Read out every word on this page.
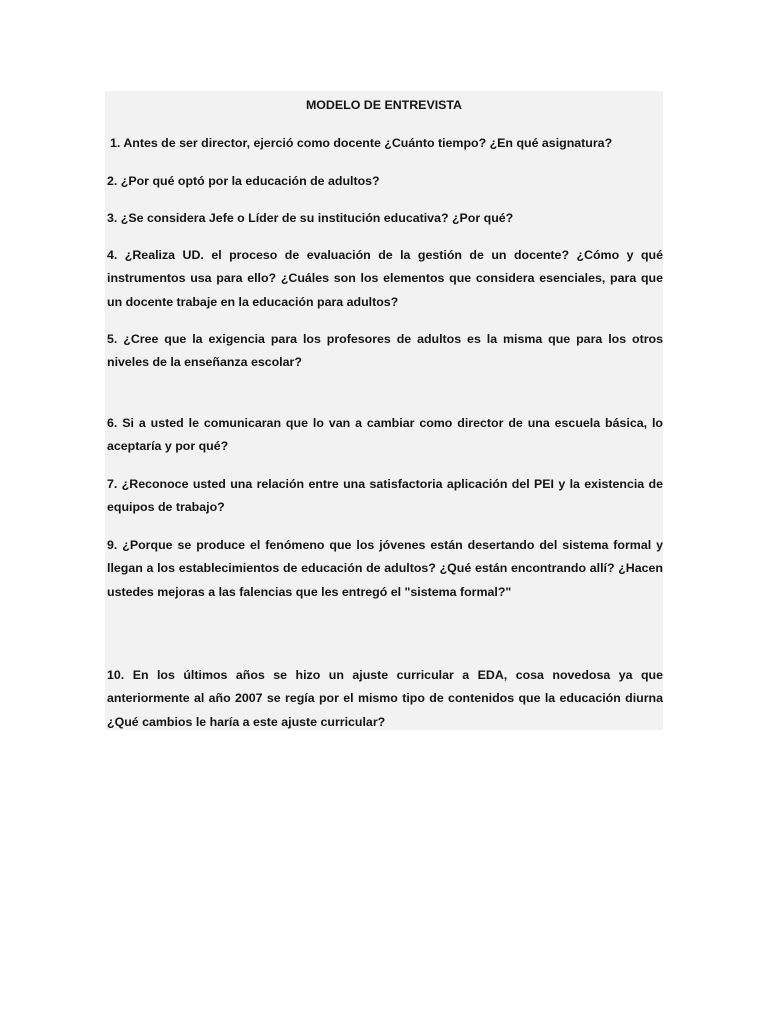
MODELO DE ENTREVISTA
1. Antes de ser director, ejerció como docente ¿Cuánto tiempo? ¿En qué asignatura?
2. ¿Por qué optó por la educación de adultos?
3. ¿Se considera Jefe o Líder de su institución educativa? ¿Por qué?
4. ¿Realiza UD. el proceso de evaluación de la gestión de un docente? ¿Cómo y qué instrumentos usa para ello? ¿Cuáles son los elementos que considera esenciales, para que un docente trabaje en la educación para adultos?
5. ¿Cree que la exigencia para los profesores de adultos es la misma que para los otros niveles de la enseñanza escolar?
6. Si a usted le comunicaran que lo van a cambiar como director de una escuela básica, lo aceptaría y por qué?
7. ¿Reconoce usted una relación entre una satisfactoria aplicación del PEI y la existencia de equipos de trabajo?
9. ¿Porque se produce el fenómeno que los jóvenes están desertando del sistema formal y llegan a los establecimientos de educación de adultos? ¿Qué están encontrando allí? ¿Hacen ustedes mejoras a las falencias que les entregó el "sistema formal?"
10. En los últimos años se hizo un ajuste curricular a EDA, cosa novedosa ya que anteriormente al año 2007 se regía por el mismo tipo de contenidos que la educación diurna ¿Qué cambios le haría a este ajuste curricular?
